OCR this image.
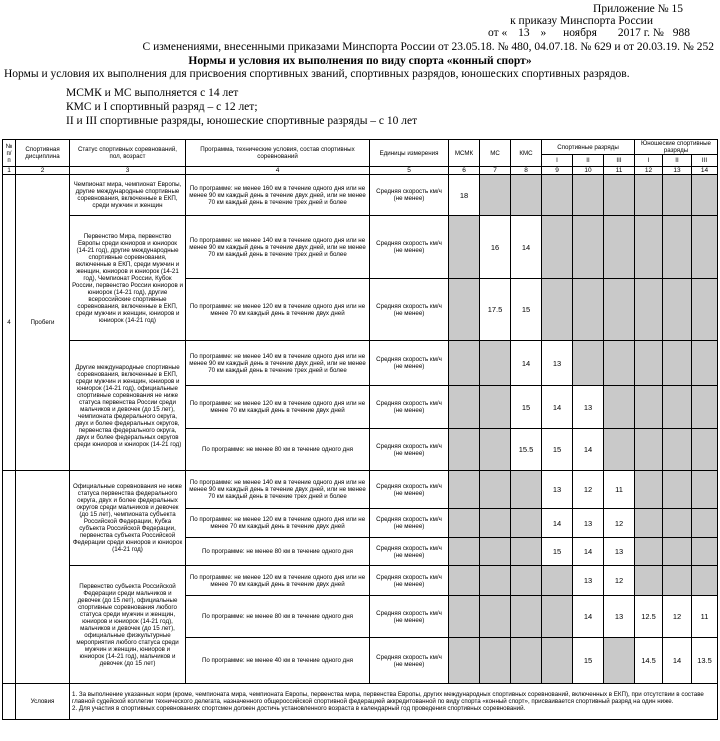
Приложение № 15
к приказу Минспорта России
от « 13 » ноября 2017 г. № 988
С изменениями, внесенными приказами Минспорта России от 23.05.18. № 480, 04.07.18. № 629 и от 20.03.19. № 252
Нормы и условия их выполнения по виду спорта «конный спорт»
Нормы и условия их выполнения для присвоения спортивных званий, спортивных разрядов, юношеских спортивных разрядов.
МСМК и МС выполняется с 14 лет
КМС и I спортивный разряд – с 12 лет;
II и III спортивные разряды, юношеские спортивные разряды – с 10 лет
№ п/п	Спортивная дисциплина	Статус спортивных соревнований, пол, возраст	Программа, технические условия, состав спортивных соревнований	Единицы измерения	МСМК	МС	КМС	Спортивные разряды			Юношеские спортивные разряды		
								I	II	III	I	II	III
1	2	3	4	5	6	7	8	9	10	11	12	13	14
4	Пробеги	Чемпионат мира, чемпионат Европы, другие международные спортивные соревнования, включенные в ЕКП, среди мужчин и женщин	По программе: не менее 160 км в течение одного дня или не менее 90 км каждый день в течение двух дней, или не менее 70 км каждый день в течение трех дней и более	Средняя скорость км/ч (не менее)	18								
		Первенство Мира, первенство Европы среди юниоров и юниорок (14-21 год), другие международные спортивные соревнования, включенные в ЕКП, среди мужчин и женщин, юниоров и юниорок (14-21 год), Чемпионат России, Кубок России, первенство России юниоров и юниорок (14-21 год), другие всероссийские спортивные соревнования, включенные в ЕКП, среди мужчин и женщин, юниоров и юниорок (14-21 год)	По программе: не менее 140 км в течение одного дня или не менее 90 км каждый день в течение двух дней, или не менее 70 км каждый день в течение трех дней и более	Средняя скорость км/ч (не менее)		16	14						
			По программе: не менее 120 км в течение одного дня или не менее 70 км каждый день в течение двух дней	Средняя скорость км/ч (не менее)		17.5	15						
		Другие международные спортивные соревнования, включенные в ЕКП, среди мужчин и женщин, юниоров и юниорок (14-21 год), официальные спортивные соревнования не ниже статуса первенства России среди мальчиков и девочек (до 15 лет), чемпионата федерального округа, двух и более федеральных округов, первенства федерального округа, двух и более федеральных округов среди юниоров и юниорок (14-21 год)	По программе: не менее 140 км в течение одного дня или не менее 90 км каждый день в течение двух дней, или не менее 70 км каждый день в течение трех дней и более	Средняя скорость км/ч (не менее)			14	13					
			По программе: не менее 120 км в течение одного дня или не менее 70 км каждый день в течение двух дней	Средняя скорость км/ч (не менее)			15	14	13				
			По программе: не менее 80 км в течение одного дня	Средняя скорость км/ч (не менее)			15.5	15	14				
		Официальные соревнования не ниже статуса первенства федерального округа, двух и более федеральных округов среди мальчиков и девочек (до 15 лет), чемпионата субъекта Российской Федерации, Кубка субъекта Российской Федерации, первенства субъекта Российской Федерации среди юниоров и юниорок (14-21 год)	По программе: не менее 140 км в течение одного дня или не менее 90 км каждый день в течение двух дней, или не менее 70 км каждый день в течение трех дней и более	Средняя скорость км/ч (не менее)				13	12	11			
			По программе: не менее 120 км в течение одного дня или не менее 70 км каждый день в течение двух дней	Средняя скорость км/ч (не менее)				14	13	12			
			По программе: не менее 80 км в течение одного дня	Средняя скорость км/ч (не менее)				15	14	13			
		Первенство субъекта Российской Федерации среди мальчиков и девочек (до 15 лет), официальные спортивные соревнования любого статуса среди мужчин и женщин, юниоров и юниорок (14-21 год), мальчиков и девочек (до 15 лет), официальные физкультурные мероприятия любого статуса среди мужчин и женщин, юниоров и юниорок (14-21 год), мальчиков и девочек (до 15 лет)	По программе: не менее 120 км в течение одного дня или не менее 70 км каждый день в течение двух дней	Средняя скорость км/ч (не менее)					13	12			
			По программе: не менее 80 км в течение одного дня	Средняя скорость км/ч (не менее)					14	13	12.5	12	11
			По программе: не менее 40 км в течение одного дня	Средняя скорость км/ч (не менее)					15		14.5	14	13.5
	Условия	1. За выполнение указанных норм (кроме, чемпионата мира, чемпионата Европы, первенства мира, первенства Европы, других международных спортивных соревнований, включенных в ЕКП), при отсутствии в составе главной судейской коллегии технического делегата, назначенного общероссийской спортивной федерацией аккредитованной по виду спорта «конный спорт», присваивается спортивный разряд на один ниже.
2. Для участия в спортивных соревнованиях спортсмен должен достичь установленного возраста в календарный год проведения спортивных соревнований.											
